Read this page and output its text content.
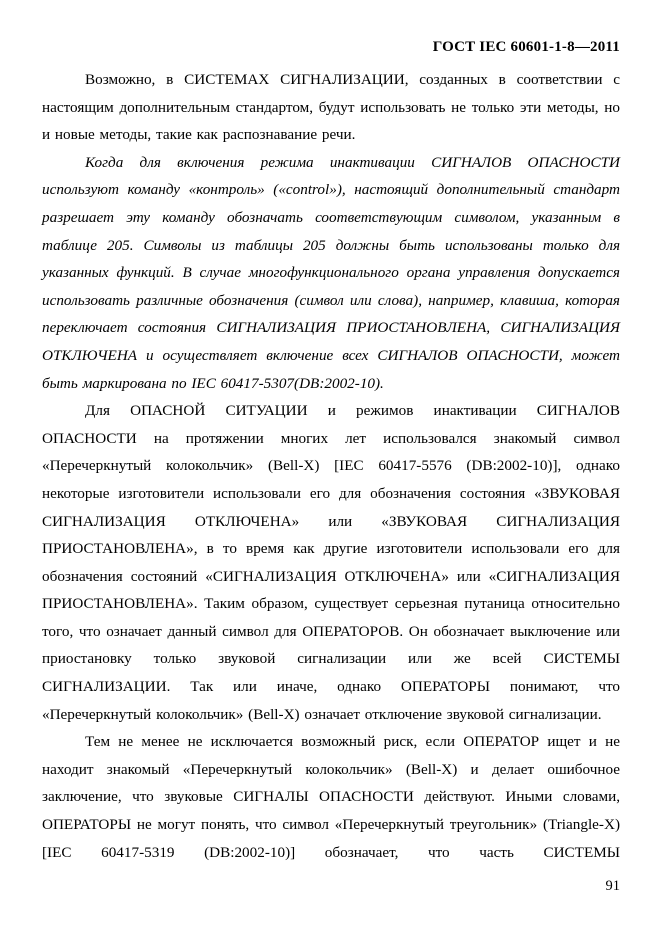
ГОСТ IEC 60601-1-8—2011

Возможно, в СИСТЕМАХ СИГНАЛИЗАЦИИ, созданных в соответствии с настоящим дополнительным стандартом, будут использовать не только эти методы, но и новые методы, такие как распознавание речи.

Когда для включения режима инактивации СИГНАЛОВ ОПАСНОСТИ используют команду «контроль» («control»), настоящий дополнительный стандарт разрешает эту команду обозначать соответствующим символом, указанным в таблице 205. Символы из таблицы 205 должны быть использованы только для указанных функций. В случае многофункционального органа управления допускается использовать различные обозначения (символ или слова), например, клавиша, которая переключает состояния СИГНАЛИЗАЦИЯ ПРИОСТАНОВЛЕНА, СИГНАЛИЗАЦИЯ ОТКЛЮЧЕНА и осуществляет включение всех СИГНАЛОВ ОПАСНОСТИ, может быть маркирована по IEC 60417-5307(DB:2002-10).

Для ОПАСНОЙ СИТУАЦИИ и режимов инактивации СИГНАЛОВ ОПАСНОСТИ на протяжении многих лет использовался знакомый символ «Перечеркнутый колокольчик» (Bell-X) [IEC 60417-5576 (DB:2002-10)], однако некоторые изготовители использовали его для обозначения состояния «ЗВУКОВАЯ СИГНАЛИЗАЦИЯ ОТКЛЮЧЕНА» или «ЗВУКОВАЯ СИГНАЛИЗАЦИЯ ПРИОСТАНОВЛЕНА», в то время как другие изготовители использовали его для обозначения состояний «СИГНАЛИЗАЦИЯ ОТКЛЮЧЕНА» или «СИГНАЛИЗАЦИЯ ПРИОСТАНОВЛЕНА». Таким образом, существует серьезная путаница относительно того, что означает данный символ для ОПЕРАТОРОВ. Он обозначает выключение или приостановку только звуковой сигнализации или же всей СИСТЕМЫ СИГНАЛИЗАЦИИ. Так или иначе, однако ОПЕРАТОРЫ понимают, что «Перечеркнутый колокольчик» (Bell-X) означает отключение звуковой сигнализации.

Тем не менее не исключается возможный риск, если ОПЕРАТОР ищет и не находит знакомый «Перечеркнутый колокольчик» (Bell-X) и делает ошибочное заключение, что звуковые СИГНАЛЫ ОПАСНОСТИ действуют. Иными словами, ОПЕРАТОРЫ не могут понять, что символ «Перечеркнутый треугольник» (Triangle-X) [IEC 60417-5319 (DB:2002-10)] обозначает, что часть СИСТЕМЫ

91
